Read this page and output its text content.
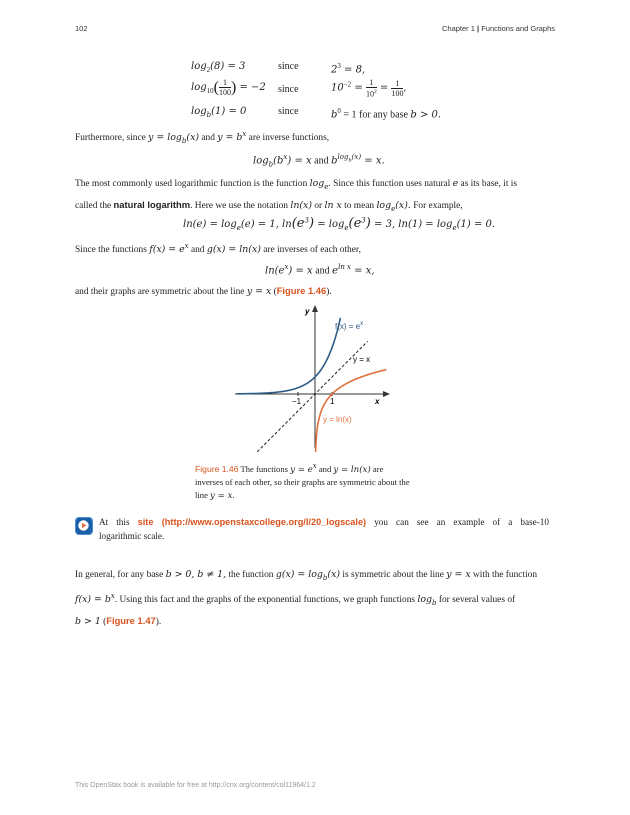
102	Chapter 1 | Functions and Graphs
$\log_2(8) = 3$	since	$2^3 = 8$,
$\log_{10}( \frac{1}{100}$ ) = −2 since	$10^{-2} = \frac{1}{10^2} = \frac{1}{100}$ ,
$\log_b(1) = 0$	since	$b^0 = 1$ for any base b > 0.
Furthermore, since $y = \log_b(x)$ and $y = b^x$ are inverse functions,
$\log_b(b^x) = x$ and $b^{log_b(x)} = x$.
The most commonly used logarithmic function is the function $\log_e$. Since this function uses natural e as its base, it is
called the natural logarithm. Here we use the notation ln(x) or ln x to mean $\log_e(x)$. For example,
$\ln(e) = \log_e(e) = 1$, $\ln(e^3) = \log_e(e^3) = 3$, $\ln(1) = \log_e(1) = 0$.
Since the functions $f(x) = e^x$ and g(x) = ln(x) are inverses of each other,
$\ln(e^x) = x$ and $e^{ln x} = x$,
and their graphs are symmetric about the line y = x (Figure 1.46).
−1	1
y
x
$f(x) = e^x$
y = x
y = ln(x)
Figure 1.46 The functions $y = e^x$ and y = ln(x) are
inverses of each other, so their graphs are symmetric about the
line y = x.
At this site (http://www.openstaxcollege.org/l/20_logscale) you can see an example of a base-10
logarithmic scale.
In general, for any base b > 0, b ≠ 1, the function $g(x) = \log_b(x)$ is symmetric about the line y = x with the function
$f(x) = b^x$. Using this fact and the graphs of the exponential functions, we graph functions $\log_b$ for several values of
b > 1 (Figure 1.47).
This OpenStax book is available for free at http://cnx.org/content/col11964/1.2
